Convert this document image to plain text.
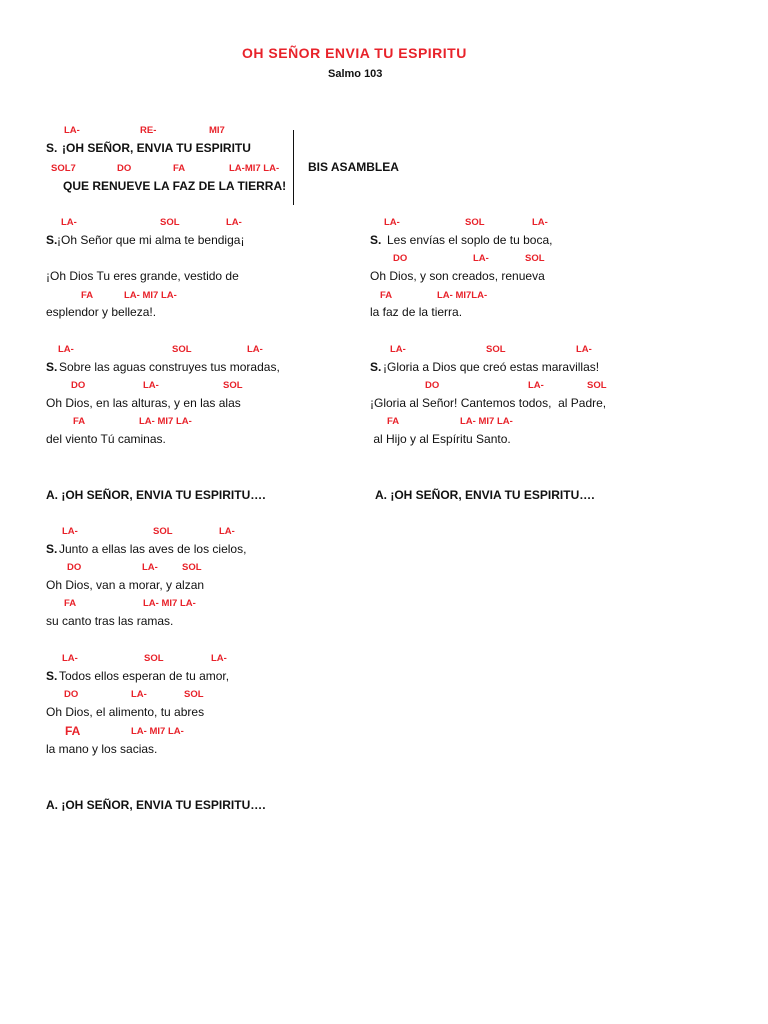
OH SEÑOR ENVIA TU ESPIRITU
Salmo 103
LA-	RE-	MI7
S. ¡OH SEÑOR, ENVIA TU ESPIRITU
SOL7	DO	FA	LA-MI7 LA-
QUE RENUEVE LA FAZ DE LA TIERRA!
BIS ASAMBLEA
LA-	SOL	LA-
S. ¡Oh Señor que mi alma te bendiga¡
¡Oh Dios Tu eres grande, vestido de
FA	LA- MI7 LA-
esplendor y belleza!.
LA-	SOL	LA-
S. Les envías el soplo de tu boca,
DO	LA-	SOL
Oh Dios, y son creados, renueva
FA	LA- MI7LA-
la faz de la tierra.
LA-	SOL	LA-
S. Sobre las aguas construyes tus moradas,
DO	LA-	SOL
Oh Dios, en las alturas, y en las alas
FA	LA- MI7 LA-
del viento Tú caminas.
LA-	SOL	LA-
S. ¡Gloria a Dios que creó estas maravillas!
DO	LA-	SOL
¡Gloria al Señor! Cantemos todos,  al Padre,
FA	LA- MI7 LA-
al Hijo y al Espíritu Santo.
A. ¡OH SEÑOR, ENVIA TU ESPIRITU….	A. ¡OH SEÑOR, ENVIA TU ESPIRITU….
LA-	SOL	LA-
S. Junto a ellas las aves de los cielos,
DO	LA-	SOL
Oh Dios, van a morar, y alzan
FA	LA- MI7 LA-
su canto tras las ramas.
LA-	SOL	LA-
S. Todos ellos esperan de tu amor,
DO	LA-	SOL
Oh Dios, el alimento, tu abres
FA	LA- MI7 LA-
la mano y los sacias.
A. ¡OH SEÑOR, ENVIA TU ESPIRITU….
